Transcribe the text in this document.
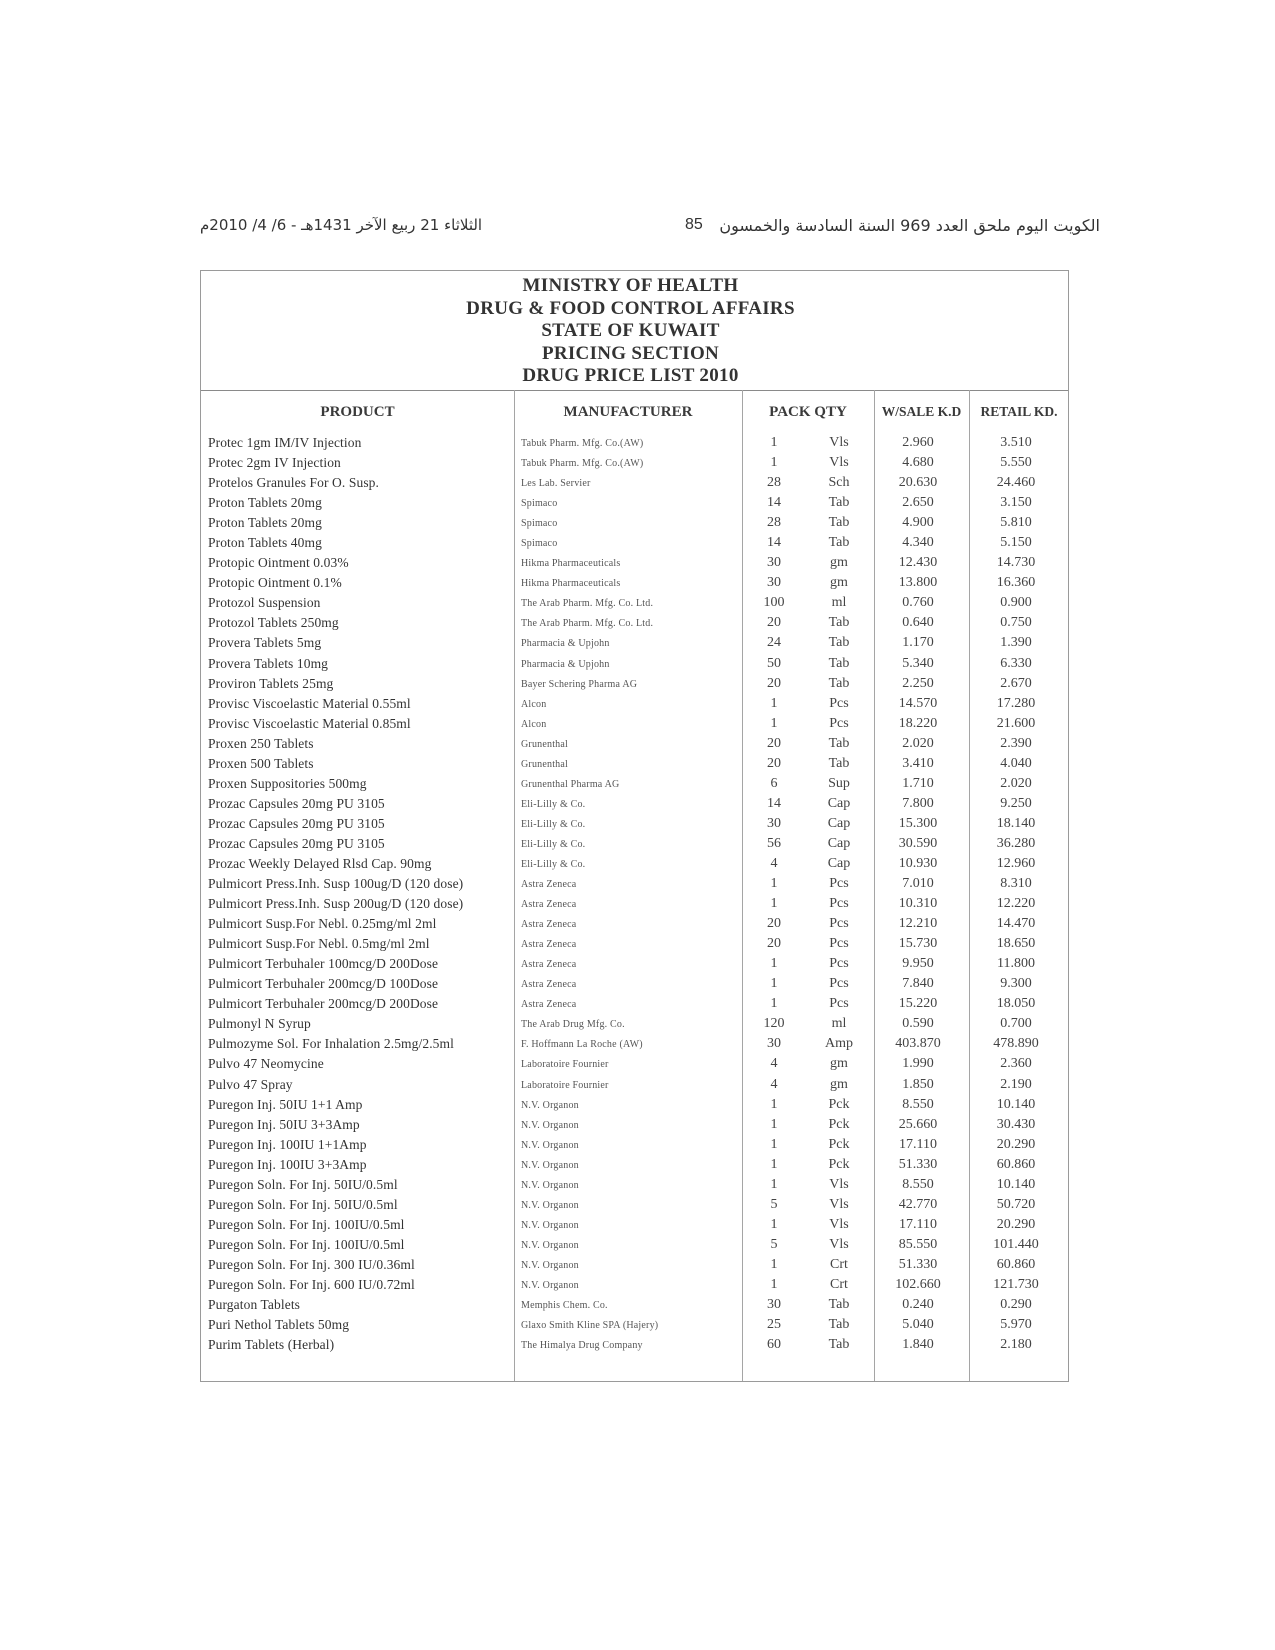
الثلاثاء 21 ربيع الآخر 1431هـ - 6/ 4/ 2010م	85 الكويت اليوم ملحق العدد 969 السنة السادسة والخمسون
MINISTRY OF HEALTH
DRUG & FOOD CONTROL AFFAIRS
STATE OF KUWAIT
PRICING SECTION
DRUG PRICE LIST 2010
PRODUCT	MANUFACTURER	PACK QTY	W/SALE K.D	RETAIL KD.
Protec 1gm IM/IV Injection	Tabuk Pharm. Mfg. Co.(AW)	1	Vls	2.960	3.510
Protec 2gm IV Injection	Tabuk Pharm. Mfg. Co.(AW)	1	Vls	4.680	5.550
Protelos Granules For O. Susp.	Les Lab. Servier	28	Sch	20.630	24.460
Proton Tablets 20mg	Spimaco	14	Tab	2.650	3.150
Proton Tablets 20mg	Spimaco	28	Tab	4.900	5.810
Proton Tablets 40mg	Spimaco	14	Tab	4.340	5.150
Protopic Ointment 0.03%	Hikma Pharmaceuticals	30	gm	12.430	14.730
Protopic Ointment 0.1%	Hikma Pharmaceuticals	30	gm	13.800	16.360
Protozol Suspension	The Arab Pharm. Mfg. Co. Ltd.	100	ml	0.760	0.900
Protozol Tablets 250mg	The Arab Pharm. Mfg. Co. Ltd.	20	Tab	0.640	0.750
Provera Tablets 5mg	Pharmacia & Upjohn	24	Tab	1.170	1.390
Provera Tablets 10mg	Pharmacia & Upjohn	50	Tab	5.340	6.330
Proviron Tablets 25mg	Bayer Schering Pharma AG	20	Tab	2.250	2.670
Provisc Viscoelastic Material 0.55ml	Alcon	1	Pcs	14.570	17.280
Provisc Viscoelastic Material 0.85ml	Alcon	1	Pcs	18.220	21.600
Proxen 250 Tablets	Grunenthal	20	Tab	2.020	2.390
Proxen 500 Tablets	Grunenthal	20	Tab	3.410	4.040
Proxen Suppositories 500mg	Grunenthal Pharma AG	6	Sup	1.710	2.020
Prozac Capsules 20mg PU 3105	Eli-Lilly & Co.	14	Cap	7.800	9.250
Prozac Capsules 20mg PU 3105	Eli-Lilly & Co.	30	Cap	15.300	18.140
Prozac Capsules 20mg PU 3105	Eli-Lilly & Co.	56	Cap	30.590	36.280
Prozac Weekly Delayed Rlsd Cap. 90mg	Eli-Lilly & Co.	4	Cap	10.930	12.960
Pulmicort Press.Inh. Susp 100ug/D (120 dose)	Astra Zeneca	1	Pcs	7.010	8.310
Pulmicort Press.Inh. Susp 200ug/D (120 dose)	Astra Zeneca	1	Pcs	10.310	12.220
Pulmicort Susp.For Nebl. 0.25mg/ml 2ml	Astra Zeneca	20	Pcs	12.210	14.470
Pulmicort Susp.For Nebl. 0.5mg/ml 2ml	Astra Zeneca	20	Pcs	15.730	18.650
Pulmicort Terbuhaler 100mcg/D 200Dose	Astra Zeneca	1	Pcs	9.950	11.800
Pulmicort Terbuhaler 200mcg/D 100Dose	Astra Zeneca	1	Pcs	7.840	9.300
Pulmicort Terbuhaler 200mcg/D 200Dose	Astra Zeneca	1	Pcs	15.220	18.050
Pulmonyl N Syrup	The Arab Drug Mfg. Co.	120	ml	0.590	0.700
Pulmozyme Sol. For Inhalation 2.5mg/2.5ml	F. Hoffmann La Roche (AW)	30	Amp	403.870	478.890
Pulvo 47 Neomycine	Laboratoire Fournier	4	gm	1.990	2.360
Pulvo 47 Spray	Laboratoire Fournier	4	gm	1.850	2.190
Puregon Inj. 50IU 1+1 Amp	N.V. Organon	1	Pck	8.550	10.140
Puregon Inj. 50IU 3+3Amp	N.V. Organon	1	Pck	25.660	30.430
Puregon Inj. 100IU 1+1Amp	N.V. Organon	1	Pck	17.110	20.290
Puregon Inj. 100IU 3+3Amp	N.V. Organon	1	Pck	51.330	60.860
Puregon Soln. For Inj. 50IU/0.5ml	N.V. Organon	1	Vls	8.550	10.140
Puregon Soln. For Inj. 50IU/0.5ml	N.V. Organon	5	Vls	42.770	50.720
Puregon Soln. For Inj. 100IU/0.5ml	N.V. Organon	1	Vls	17.110	20.290
Puregon Soln. For Inj. 100IU/0.5ml	N.V. Organon	5	Vls	85.550	101.440
Puregon Soln. For Inj. 300 IU/0.36ml	N.V. Organon	1	Crt	51.330	60.860
Puregon Soln. For Inj. 600 IU/0.72ml	N.V. Organon	1	Crt	102.660	121.730
Purgaton Tablets	Memphis Chem. Co.	30	Tab	0.240	0.290
Puri Nethol Tablets 50mg	Glaxo Smith Kline SPA (Hajery)	25	Tab	5.040	5.970
Purim Tablets (Herbal)	The Himalya Drug Company	60	Tab	1.840	2.180
